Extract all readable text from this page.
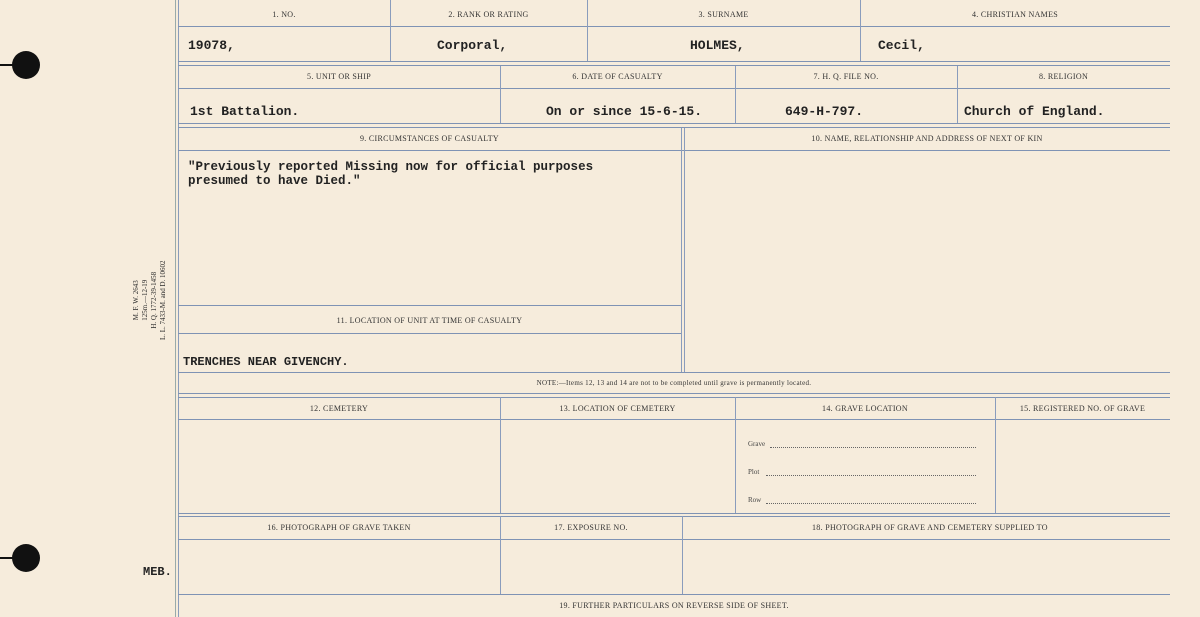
M. F. W. 2643 125m.—12-19 H. Q. 1772-39-1458 L. L. 7433-M. and D. 10602
MEB.
1. NO.	2. RANK OR RATING	3. SURNAME	4. CHRISTIAN NAMES
19078,	Corporal,	HOLMES,	Cecil,
5. UNIT OR SHIP	6. DATE OF CASUALTY	7. H. Q. FILE NO.	8. RELIGION
1st Battalion.	On or since 15-6-15.	649-H-797.	Church of England.
9. CIRCUMSTANCES OF CASUALTY	10. NAME, RELATIONSHIP AND ADDRESS OF NEXT OF KIN
"Previously reported Missing now for official purposes
presumed to have Died."
11. LOCATION OF UNIT AT TIME OF CASUALTY
TRENCHES NEAR GIVENCHY.
NOTE:—Items 12, 13 and 14 are not to be completed until grave is permanently located.
12. CEMETERY	13. LOCATION OF CEMETERY	14. GRAVE LOCATION	15. REGISTERED NO. OF GRAVE
Grave
Plot
Row
16. PHOTOGRAPH OF GRAVE TAKEN	17. EXPOSURE NO.	18. PHOTOGRAPH OF GRAVE AND CEMETERY SUPPLIED TO
19. FURTHER PARTICULARS ON REVERSE SIDE OF SHEET.
